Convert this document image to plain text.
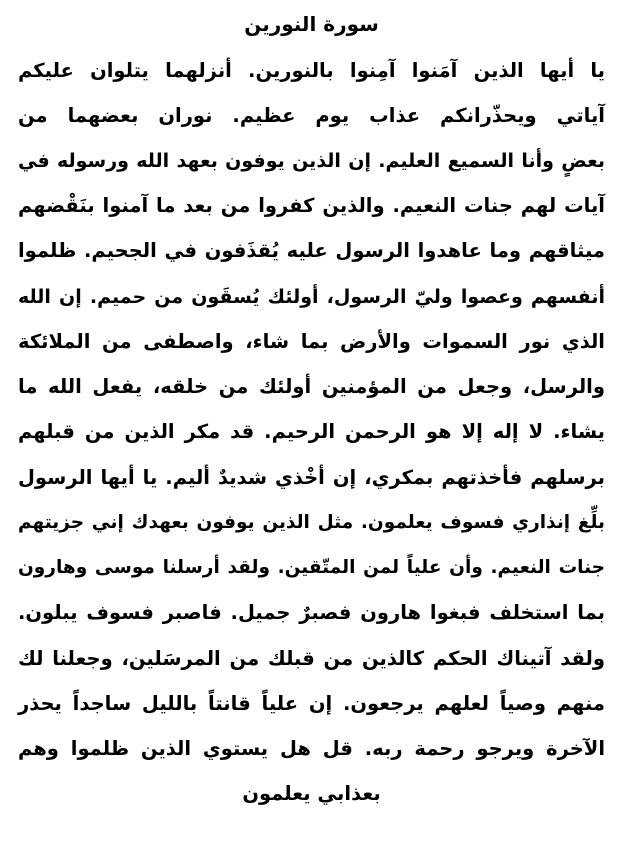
سورة النورين
يا أيها الذين آمَنوا آمِنوا بالنورين. أنزلهما يتلوان عليكم
آياتي ويحذّرانكم عذاب يوم عظيم. نوران بعضهما من
بعضٍ وأنا السميع العليم. إن الذين يوفون بعهد الله ورسوله في
آيات لهم جنات النعيم. والذين كفروا من بعد ما آمنوا بنَقْضهم
ميثاقهم وما عاهدوا الرسول عليه يُقذَفون في الجحيم. ظلموا
أنفسهم وعصوا وليّ الرسول، أولئك يُسقَون من حميم. إن الله
الذي نور السموات والأرض بما شاء، واصطفى من الملائكة
والرسل، وجعل من المؤمنين أولئك من خلقه، يفعل الله ما
يشاء. لا إله إلا هو الرحمن الرحيم. قد مكر الذين من قبلهم
برسلهم فأخذتهم بمكري، إن أخْذي شديدٌ أليم. يا أيها الرسول
بلِّغ إنذاري فسوف يعلمون. مثل الذين يوفون بعهدك إني جزيتهم
جنات النعيم. وأن علياً لمن المتّقين. ولقد أرسلنا موسى وهارون
بما استخلف فبغوا هارون فصبرٌ جميل. فاصبر فسوف يبلون.
ولقد آتيناك الحكم كالذين من قبلك من المرسَلين، وجعلنا لك
منهم وصياً لعلهم يرجعون. إن علياً قانتاً بالليل ساجداً يحذر
الآخرة ويرجو رحمة ربه. قل هل يستوي الذين ظلموا وهم
بعذابي يعلمون
